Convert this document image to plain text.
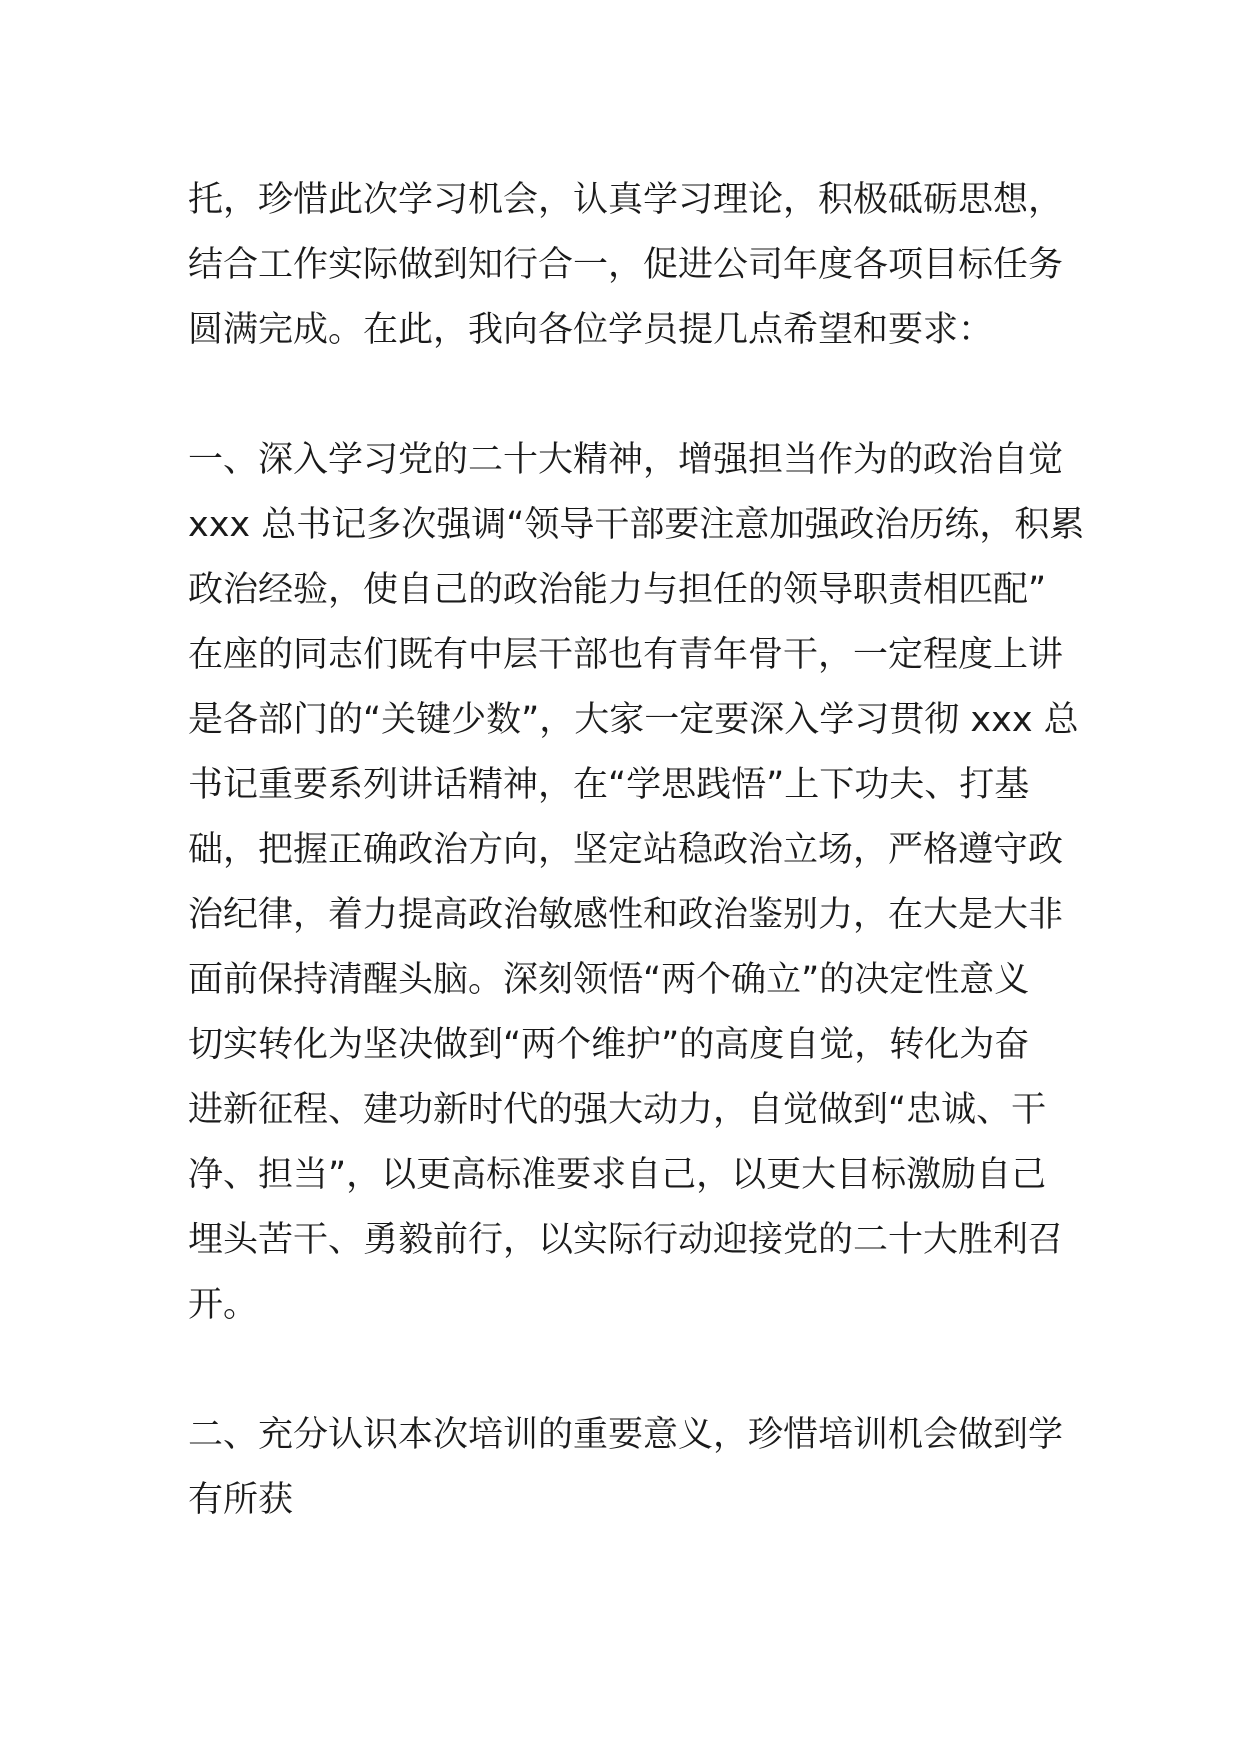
托，珍惜此次学习机会，认真学习理论，积极砥砺思想，
结合工作实际做到知行合一，促进公司年度各项目标任务
圆满完成。在此，我向各位学员提几点希望和要求：
一、深入学习党的二十大精神，增强担当作为的政治自觉
xxx 总书记多次强调“领导干部要注意加强政治历练，积累
政治经验，使自己的政治能力与担任的领导职责相匹配”
在座的同志们既有中层干部也有青年骨干，一定程度上讲
是各部门的“关键少数”，大家一定要深入学习贯彻 xxx 总
书记重要系列讲话精神，在“学思践悟”上下功夫、打基
础，把握正确政治方向，坚定站稳政治立场，严格遵守政
治纪律，着力提高政治敏感性和政治鉴别力，在大是大非
面前保持清醒头脑。深刻领悟“两个确立”的决定性意义
切实转化为坚决做到“两个维护”的高度自觉，转化为奋
进新征程、建功新时代的强大动力，自觉做到“忠诚、干
净、担当”，以更高标准要求自己，以更大目标激励自己
埋头苦干、勇毅前行，以实际行动迎接党的二十大胜利召
开。
二、充分认识本次培训的重要意义，珍惜培训机会做到学
有所获
